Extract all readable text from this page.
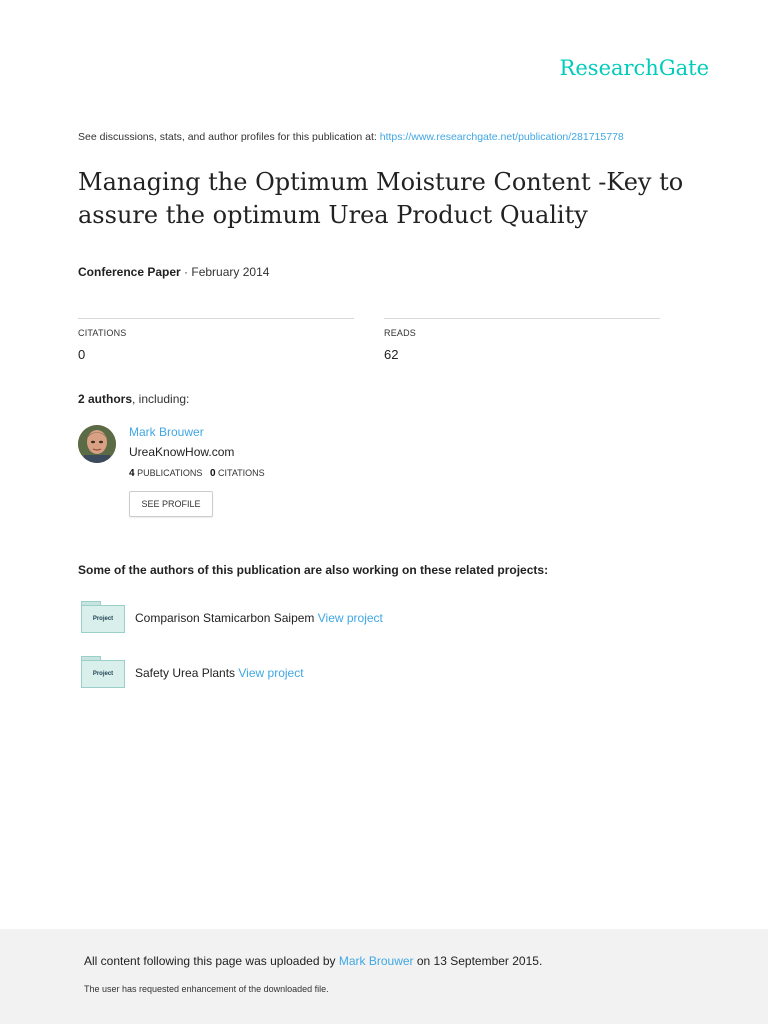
ResearchGate
See discussions, stats, and author profiles for this publication at: https://www.researchgate.net/publication/281715778
Managing the Optimum Moisture Content -Key to assure the optimum Urea Product Quality
Conference Paper · February 2014
CITATIONS
0
READS
62
2 authors, including:
Mark Brouwer
UreaKnowHow.com
4 PUBLICATIONS 0 CITATIONS
SEE PROFILE
Some of the authors of this publication are also working on these related projects:
Project	Comparison Stamicarbon Saipem View project
Project	Safety Urea Plants View project
All content following this page was uploaded by Mark Brouwer on 13 September 2015.
The user has requested enhancement of the downloaded file.
